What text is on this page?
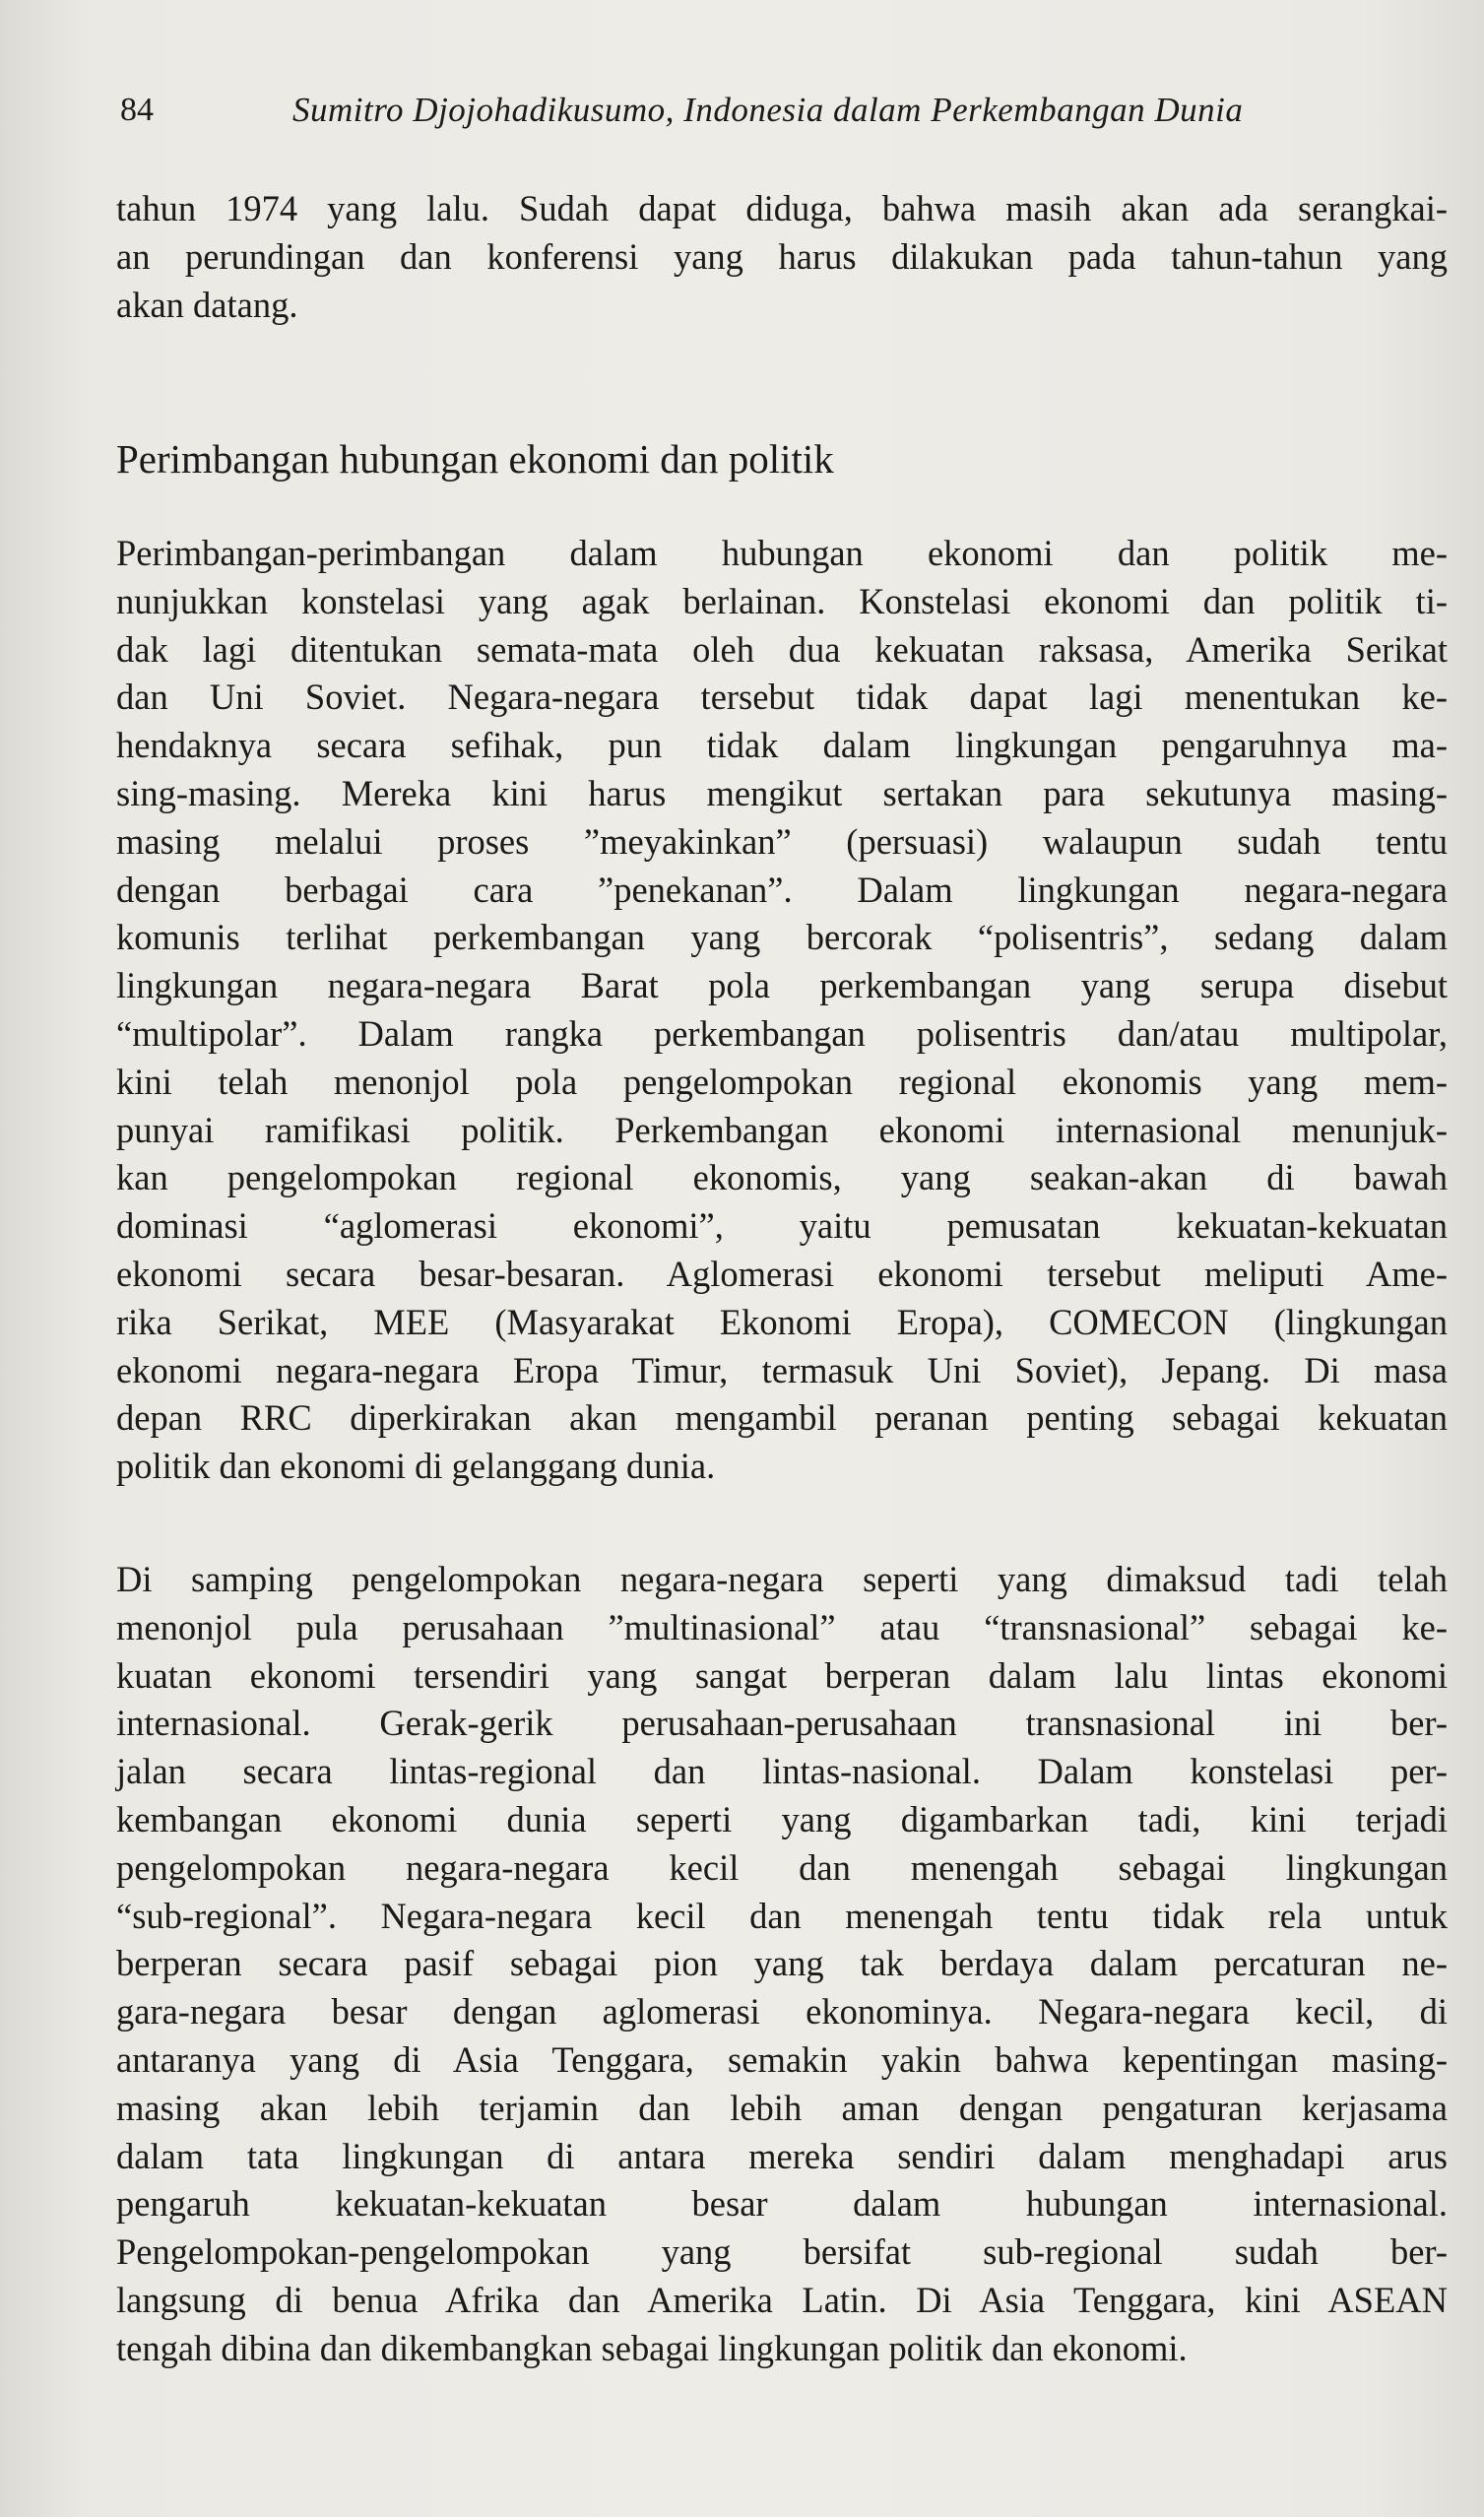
84	Sumitro Djojohadikusumo, Indonesia dalam Perkembangan Dunia
tahun 1974 yang lalu. Sudah dapat diduga, bahwa masih akan ada serangkai-
an perundingan dan konferensi yang harus dilakukan pada tahun-tahun yang
akan datang.
Perimbangan hubungan ekonomi dan politik
Perimbangan-perimbangan dalam hubungan ekonomi dan politik me-
nunjukkan konstelasi yang agak berlainan. Konstelasi ekonomi dan politik ti-
dak lagi ditentukan semata-mata oleh dua kekuatan raksasa, Amerika Serikat
dan Uni Soviet. Negara-negara tersebut tidak dapat lagi menentukan ke-
hendaknya secara sefihak, pun tidak dalam lingkungan pengaruhnya ma-
sing-masing. Mereka kini harus mengikut sertakan para sekutunya masing-
masing melalui proses ”meyakinkan” (persuasi) walaupun sudah tentu
dengan berbagai cara ”penekanan”. Dalam lingkungan negara-negara
komunis terlihat perkembangan yang bercorak “polisentris”, sedang dalam
lingkungan negara-negara Barat pola perkembangan yang serupa disebut
“multipolar”. Dalam rangka perkembangan polisentris dan/atau multipolar,
kini telah menonjol pola pengelompokan regional ekonomis yang mem-
punyai ramifikasi politik. Perkembangan ekonomi internasional menunjuk-
kan pengelompokan regional ekonomis, yang seakan-akan di bawah
dominasi “aglomerasi ekonomi”, yaitu pemusatan kekuatan-kekuatan
ekonomi secara besar-besaran. Aglomerasi ekonomi tersebut meliputi Ame-
rika Serikat, MEE (Masyarakat Ekonomi Eropa), COMECON (lingkungan
ekonomi negara-negara Eropa Timur, termasuk Uni Soviet), Jepang. Di masa
depan RRC diperkirakan akan mengambil peranan penting sebagai kekuatan
politik dan ekonomi di gelanggang dunia.
Di samping pengelompokan negara-negara seperti yang dimaksud tadi telah
menonjol pula perusahaan ”multinasional” atau “transnasional” sebagai ke-
kuatan ekonomi tersendiri yang sangat berperan dalam lalu lintas ekonomi
internasional. Gerak-gerik perusahaan-perusahaan transnasional ini ber-
jalan secara lintas-regional dan lintas-nasional. Dalam konstelasi per-
kembangan ekonomi dunia seperti yang digambarkan tadi, kini terjadi
pengelompokan negara-negara kecil dan menengah sebagai lingkungan
“sub-regional”. Negara-negara kecil dan menengah tentu tidak rela untuk
berperan secara pasif sebagai pion yang tak berdaya dalam percaturan ne-
gara-negara besar dengan aglomerasi ekonominya. Negara-negara kecil, di
antaranya yang di Asia Tenggara, semakin yakin bahwa kepentingan masing-
masing akan lebih terjamin dan lebih aman dengan pengaturan kerjasama
dalam tata lingkungan di antara mereka sendiri dalam menghadapi arus
pengaruh kekuatan-kekuatan besar dalam hubungan internasional.
Pengelompokan-pengelompokan yang bersifat sub-regional sudah ber-
langsung di benua Afrika dan Amerika Latin. Di Asia Tenggara, kini ASEAN
tengah dibina dan dikembangkan sebagai lingkungan politik dan ekonomi.
